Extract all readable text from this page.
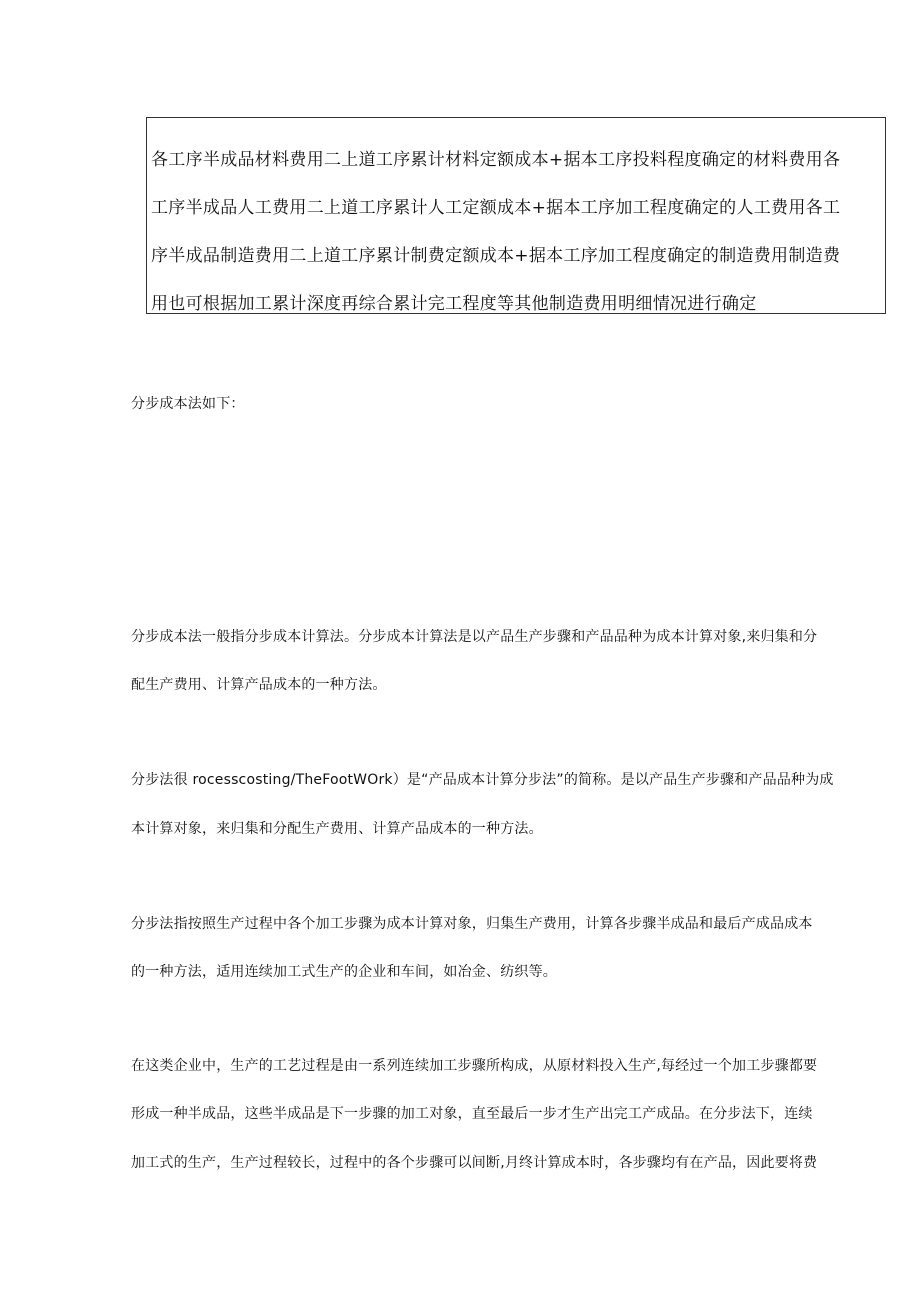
各工序半成品材料费用二上道工序累计材料定额成本+据本工序投料程度确定的材料费用各
工序半成品人工费用二上道工序累计人工定额成本+据本工序加工程度确定的人工费用各工
序半成品制造费用二上道工序累计制费定额成本+据本工序加工程度确定的制造费用制造费
用也可根据加工累计深度再综合累计完工程度等其他制造费用明细情况进行确定
分步成本法如下：
分步成本法一般指分步成本计算法。分步成本计算法是以产品生产步骤和产品品种为成本计算对象,来归集和分
配生产费用、计算产品成本的一种方法。
分步法很 rocesscosting/TheFootWOrk）是“产品成本计算分步法”的简称。是以产品生产步骤和产品品种为成
本计算对象，来归集和分配生产费用、计算产品成本的一种方法。
分步法指按照生产过程中各个加工步骤为成本计算对象，归集生产费用，计算各步骤半成品和最后产成品成本
的一种方法，适用连续加工式生产的企业和车间，如冶金、纺织等。
在这类企业中，生产的工艺过程是由一系列连续加工步骤所构成，从原材料投入生产,每经过一个加工步骤都要
形成一种半成品，这些半成品是下一步骤的加工对象，直至最后一步才生产出完工产成品。在分步法下，连续
加工式的生产，生产过程较长，过程中的各个步骤可以间断,月终计算成本时，各步骤均有在产品，因此要将费
